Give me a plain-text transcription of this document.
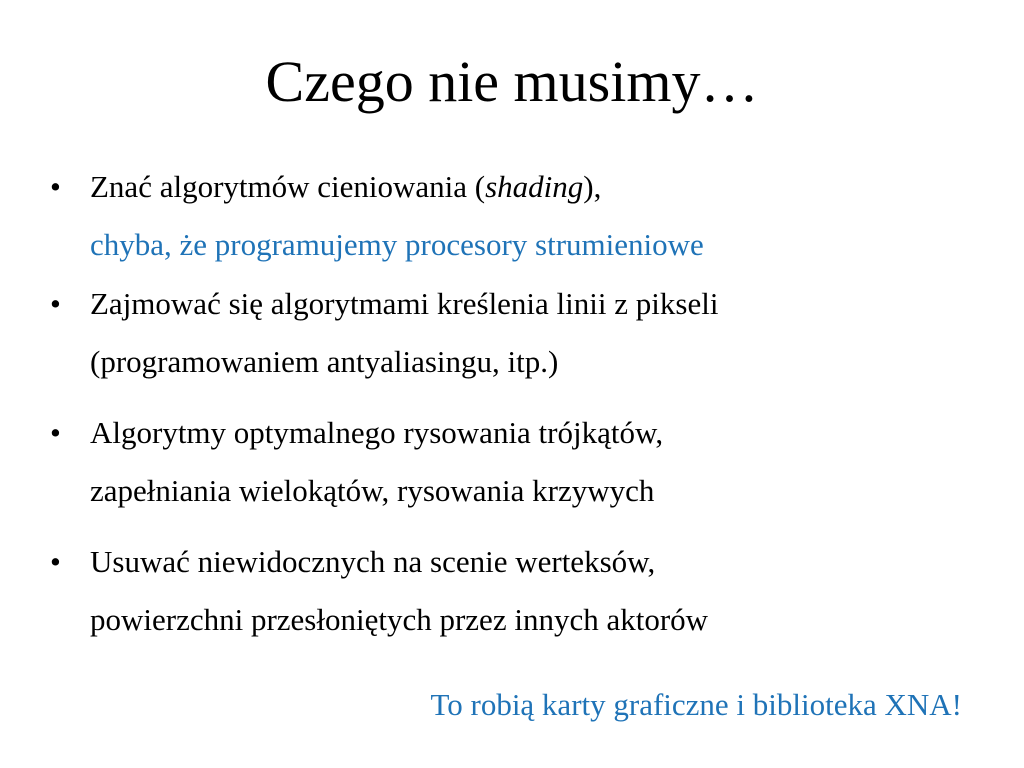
Czego nie musimy…
• Znać algorytmów cieniowania (shading),
chyba, że programujemy procesory strumieniowe
• Zajmować się algorytmami kreślenia linii z pikseli
(programowaniem antyaliasingu, itp.)
• Algorytmy optymalnego rysowania trójkątów,
zapełniania wielokątów, rysowania krzywych
• Usuwać niewidocznych na scenie werteksów,
powierzchni przesłoniętych przez innych aktorów
To robią karty graficzne i biblioteka XNA!
